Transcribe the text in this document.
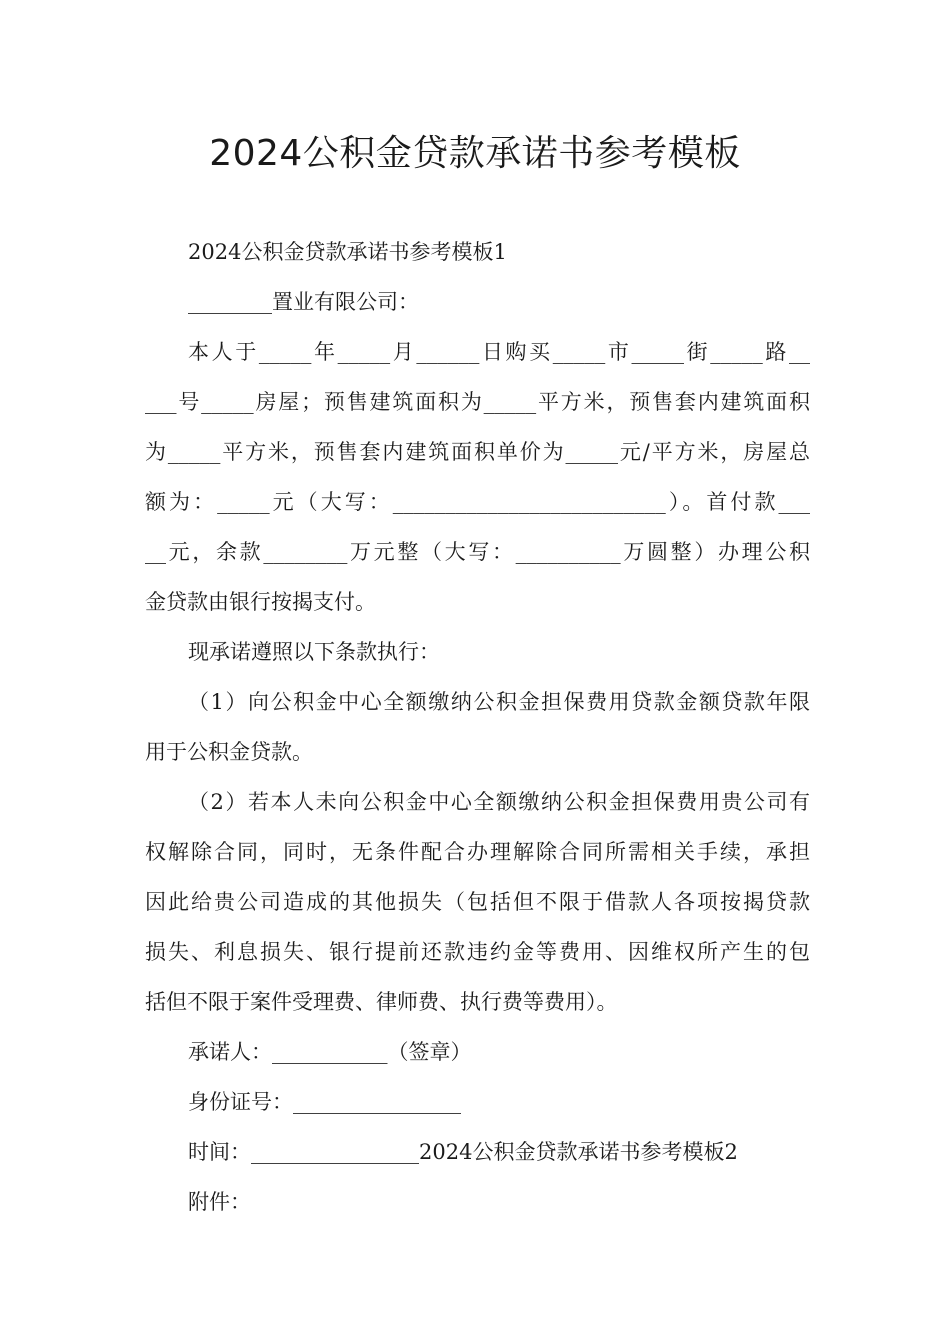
2024公积金贷款承诺书参考模板
2024公积金贷款承诺书参考模板1
________置业有限公司：
本人于_____年_____月______日购买_____市_____街_____路__
___号_____房屋；预售建筑面积为_____平方米，预售套内建筑面积
为_____平方米，预售套内建筑面积单价为_____元/平方米，房屋总
额为：_____元（大写：__________________________）。首付款___
__元，余款________万元整（大写：__________万圆整）办理公积
金贷款由银行按揭支付。
现承诺遵照以下条款执行：
（1）向公积金中心全额缴纳公积金担保费用贷款金额贷款年限
用于公积金贷款。
（2）若本人未向公积金中心全额缴纳公积金担保费用贵公司有
权解除合同，同时，无条件配合办理解除合同所需相关手续，承担
因此给贵公司造成的其他损失（包括但不限于借款人各项按揭贷款
损失、利息损失、银行提前还款违约金等费用、因维权所产生的包
括但不限于案件受理费、律师费、执行费等费用）。
承诺人：___________（签章）
身份证号：________________
时间：________________2024公积金贷款承诺书参考模板2
附件：
